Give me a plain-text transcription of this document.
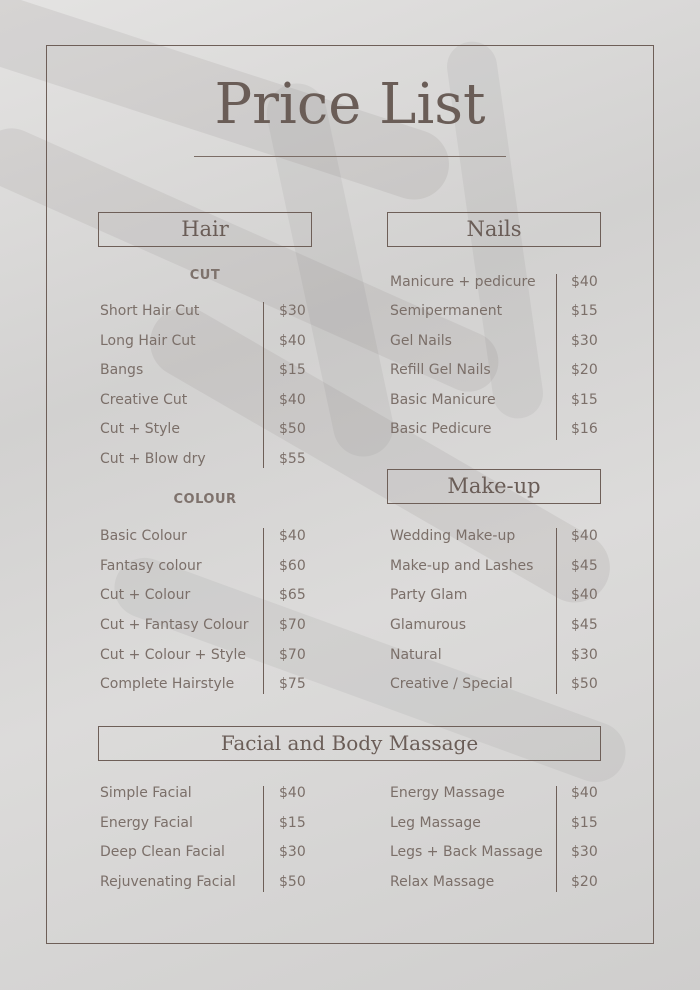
Price List
Hair
CUT
Short Hair Cut	$30
Long Hair Cut	$40
Bangs	$15
Creative Cut	$40
Cut + Style	$50
Cut + Blow dry	$55
COLOUR
Basic Colour	$40
Fantasy colour	$60
Cut + Colour	$65
Cut + Fantasy Colour $70
Cut + Colour + Style $70
Complete Hairstyle	$75
Nails
Manicure + pedicure	$40
Semipermanent	$15
Gel Nails	$30
Refill Gel Nails	$20
Basic Manicure	$15
Basic Pedicure	$16
Make-up
Wedding Make-up	$40
Make-up and Lashes	$45
Party Glam	$40
Glamurous	$45
Natural	$30
Creative / Special	$50
Facial and Body Massage
Simple Facial	$40
Energy Facial	$15
Deep Clean Facial	$30
Rejuvenating Facial	$50
Energy Massage	$40
Leg Massage	$15
Legs + Back Massage $30
Relax Massage	$20
